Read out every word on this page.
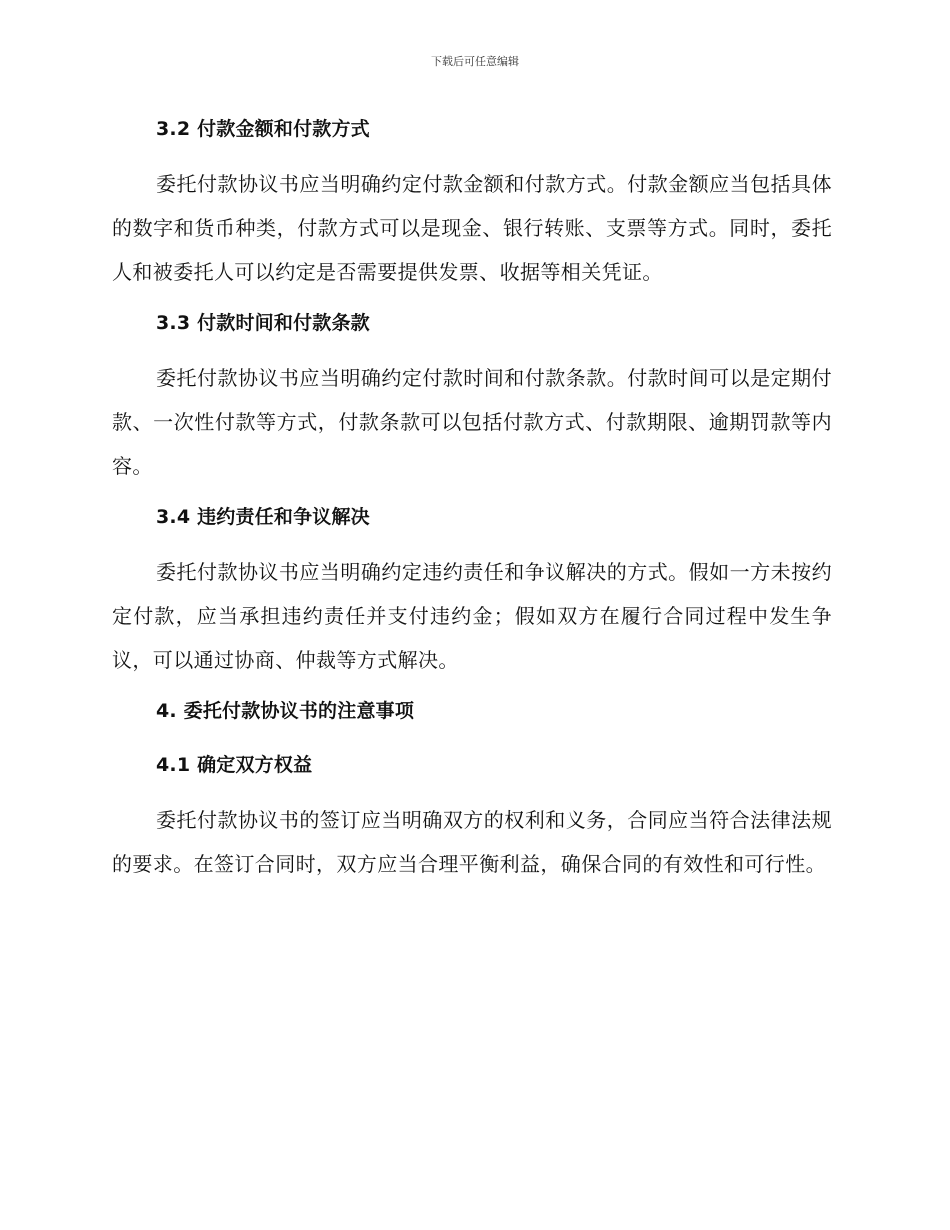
下载后可任意编辑
3.2 付款金额和付款方式

委托付款协议书应当明确约定付款金额和付款方式。付款金额应当包括具体的数字和货币种类，付款方式可以是现金、银行转账、支票等方式。同时，委托人和被委托人可以约定是否需要提供发票、收据等相关凭证。

3.3 付款时间和付款条款

委托付款协议书应当明确约定付款时间和付款条款。付款时间可以是定期付款、一次性付款等方式，付款条款可以包括付款方式、付款期限、逾期罚款等内容。

3.4 违约责任和争议解决

委托付款协议书应当明确约定违约责任和争议解决的方式。假如一方未按约定付款，应当承担违约责任并支付违约金；假如双方在履行合同过程中发生争议，可以通过协商、仲裁等方式解决。

4. 委托付款协议书的注意事项
4.1 确定双方权益

委托付款协议书的签订应当明确双方的权利和义务，合同应当符合法律法规的要求。在签订合同时，双方应当合理平衡利益，确保合同的有效性和可行性。
